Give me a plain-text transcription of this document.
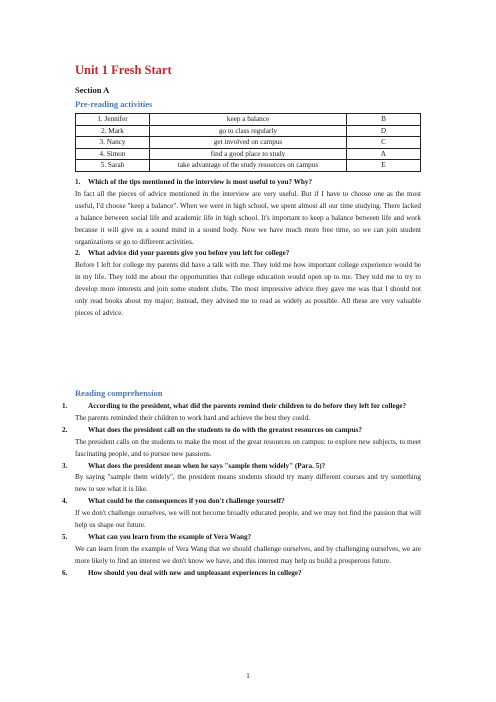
Unit 1 Fresh Start
Section A
Pre-reading activities
1. Jennifer	keep a balance	B
2. Mark	go to class regularly	D
3. Nancy	get involved on campus	C
4. Simon	find a good place to study	A
5. Sarah	take advantage of the study resources on campus	E
1. Which of the tips mentioned in the interview is most useful to you? Why?
In fact all the pieces of advice mentioned in the interview are very useful. But if I have to choose one as the most useful, I'd choose "keep a balance". When we were in high school, we spent almost all our time studying. There lacked a balance between social life and academic life in high school. It's important to keep a balance between life and work because it will give us a sound mind in a sound body. Now we have much more free time, so we can join student organizations or go to different activities.
2. What advice did your parents give you before you left for college?
Before I left for college my parents did have a talk with me. They told me how important college experience would be in my life. They told me about the opportunities that college education would open up to me. They told me to try to develop more interests and join some student clubs. The most impressive advice they gave me was that I should not only read books about my major; instead, they advised me to read as widely as possible. All these are very valuable pieces of advice.
Reading comprehension
1.	According to the president, what did the parents remind their children to do before they left for college?
The parents reminded their children to work hard and achieve the best they could.
2.	What does the president call on the students to do with the greatest resources on campus?
The president calls on the students to make the most of the great resources on campus: to explore new subjects, to meet fascinating people, and to pursue new passions.
3.	What does the president mean when he says "sample them widely" (Para. 5)?
By saying "sample them widely", the president means students should try many different courses and try something new to see what it is like.
4.	What could be the consequences if you don't challenge yourself?
If we don't challenge ourselves, we will not become broadly educated people, and we may not find the passion that will help us shape our future.
5.	What can you learn from the example of Vera Wang?
We can learn from the example of Vera Wang that we should challenge ourselves, and by challenging ourselves, we are more likely to find an interest we don't know we have, and this interest may help us build a prosperous future.
6.	How should you deal with new and unpleasant experiences in college?
1
